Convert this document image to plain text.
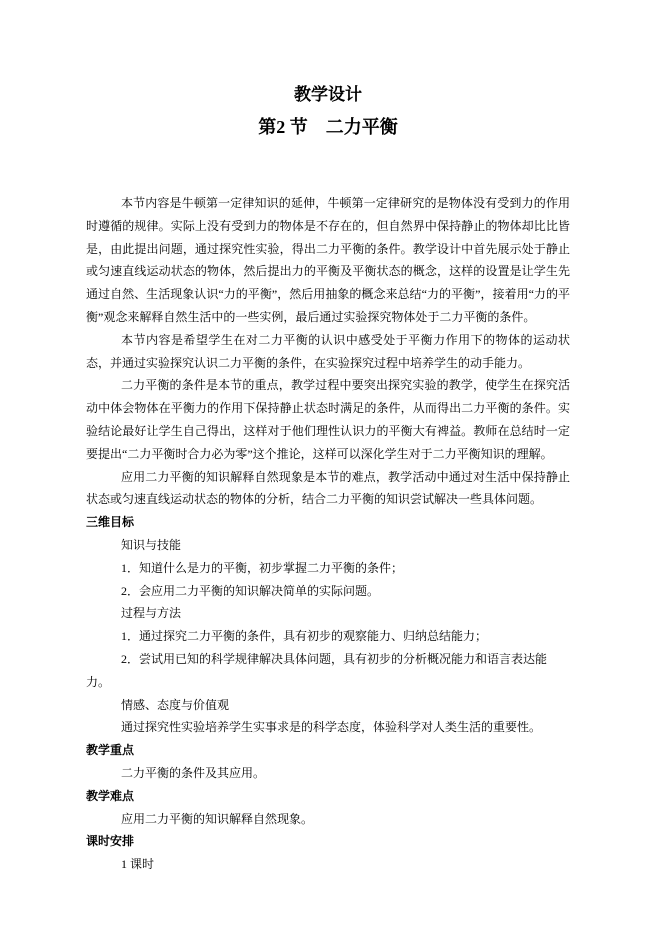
教学设计
第2 节　二力平衡

本节内容是牛顿第一定律知识的延伸，牛顿第一定律研究的是物体没有受到力的作用时遵循的规律。实际上没有受到力的物体是不存在的，但自然界中保持静止的物体却比比皆是，由此提出问题，通过探究性实验，得出二力平衡的条件。教学设计中首先展示处于静止或匀速直线运动状态的物体，然后提出力的平衡及平衡状态的概念，这样的设置是让学生先通过自然、生活现象认识“力的平衡”，然后用抽象的概念来总结“力的平衡”，接着用“力的平衡”观念来解释自然生活中的一些实例，最后通过实验探究物体处于二力平衡的条件。

本节内容是希望学生在对二力平衡的认识中感受处于平衡力作用下的物体的运动状态，并通过实验探究认识二力平衡的条件，在实验探究过程中培养学生的动手能力。

二力平衡的条件是本节的重点，教学过程中要突出探究实验的教学，使学生在探究活动中体会物体在平衡力的作用下保持静止状态时满足的条件，从而得出二力平衡的条件。实验结论最好让学生自己得出，这样对于他们理性认识力的平衡大有裨益。教师在总结时一定要提出“二力平衡时合力必为零”这个推论，这样可以深化学生对于二力平衡知识的理解。

应用二力平衡的知识解释自然现象是本节的难点，教学活动中通过对生活中保持静止状态或匀速直线运动状态的物体的分析，结合二力平衡的知识尝试解决一些具体问题。

三维目标

知识与技能

1．知道什么是力的平衡，初步掌握二力平衡的条件；

2．会应用二力平衡的知识解决简单的实际问题。

过程与方法

1．通过探究二力平衡的条件，具有初步的观察能力、归纳总结能力；

2．尝试用已知的科学规律解决具体问题，具有初步的分析概况能力和语言表达能力。

情感、态度与价值观

通过探究性实验培养学生实事求是的科学态度，体验科学对人类生活的重要性。

教学重点

二力平衡的条件及其应用。

教学难点

应用二力平衡的知识解释自然现象。

课时安排

1 课时
